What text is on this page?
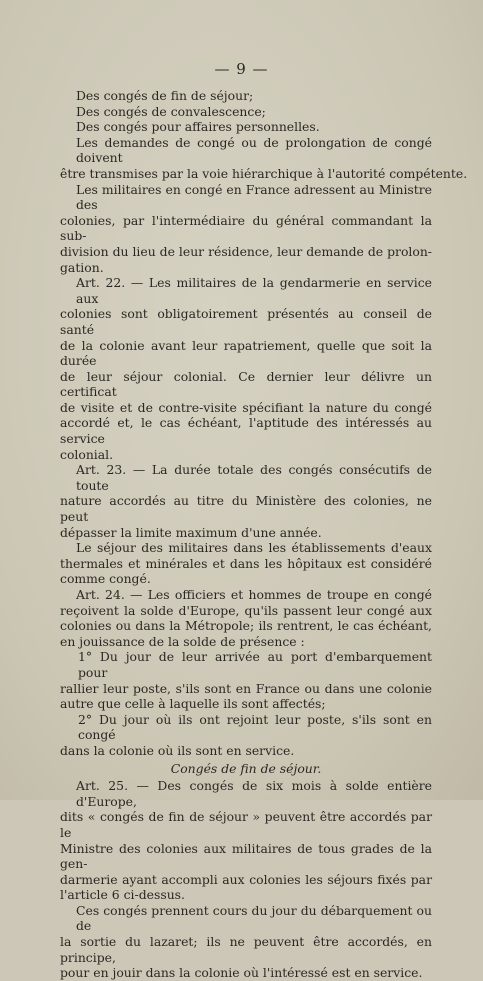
— 9 —
Des congés de fin de séjour;
Des congés de convalescence;
Des congés pour affaires personnelles.
Les demandes de congé ou de prolongation de congé doivent
être transmises par la voie hiérarchique à l'autorité compétente.
Les militaires en congé en France adressent au Ministre des
colonies, par l'intermédiaire du général commandant la sub-
division du lieu de leur résidence, leur demande de prolon-
gation.
Art. 22. — Les militaires de la gendarmerie en service aux
colonies sont obligatoirement présentés au conseil de santé
de la colonie avant leur rapatriement, quelle que soit la durée
de leur séjour colonial. Ce dernier leur délivre un certificat
de visite et de contre-visite spécifiant la nature du congé
accordé et, le cas échéant, l'aptitude des intéressés au service
colonial.
Art. 23. — La durée totale des congés consécutifs de toute
nature accordés au titre du Ministère des colonies, ne peut
dépasser la limite maximum d'une année.
Le séjour des militaires dans les établissements d'eaux
thermales et minérales et dans les hôpitaux est considéré
comme congé.
Art. 24. — Les officiers et hommes de troupe en congé
reçoivent la solde d'Europe, qu'ils passent leur congé aux
colonies ou dans la Métropole; ils rentrent, le cas échéant,
en jouissance de la solde de présence :
1° Du jour de leur arrivée au port d'embarquement pour
rallier leur poste, s'ils sont en France ou dans une colonie
autre que celle à laquelle ils sont affectés;
2° Du jour où ils ont rejoint leur poste, s'ils sont en congé
dans la colonie où ils sont en service.
Congés de fin de séjour.
Art. 25. — Des congés de six mois à solde entière d'Europe,
dits « congés de fin de séjour » peuvent être accordés par le
Ministre des colonies aux militaires de tous grades de la gen-
darmerie ayant accompli aux colonies les séjours fixés par
l'article 6 ci-dessus.
Ces congés prennent cours du jour du débarquement ou de
la sortie du lazaret; ils ne peuvent être accordés, en principe,
pour en jouir dans la colonie où l'intéressé est en service.
